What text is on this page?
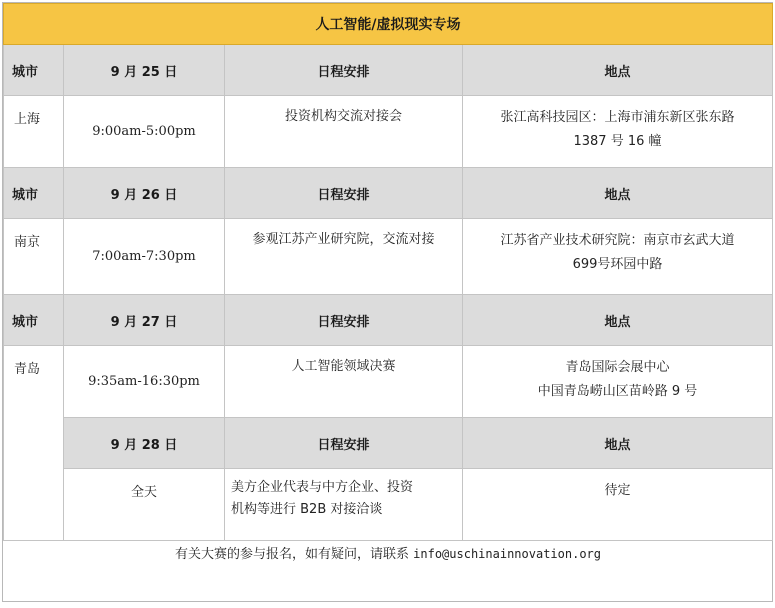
人工智能/虚拟现实专场			
城市	9 月 25 日	日程安排	地点
上海	9:00am-5:00pm	投资机构交流对接会	张江高科技园区：上海市浦东新区张东路
1387 号 16 幢

城市	9 月 26 日	日程安排	地点
南京	7:00am-7:30pm	参观江苏产业研究院，交流对接	江苏省产业技术研究院：南京市玄武大道
699号环园中路

城市	9 月 27 日	日程安排	地点
青岛	9:35am-16:30pm	人工智能领域决赛	青岛国际会展中心
中国青岛崂山区苗岭路 9 号

	9 月 28 日	日程安排	地点
	全天	美方企业代表与中方企业、投资
机构等进行 B2B 对接洽谈	待定
有关大赛的参与报名，如有疑问，请联系 info@uschinainnovation.org			
